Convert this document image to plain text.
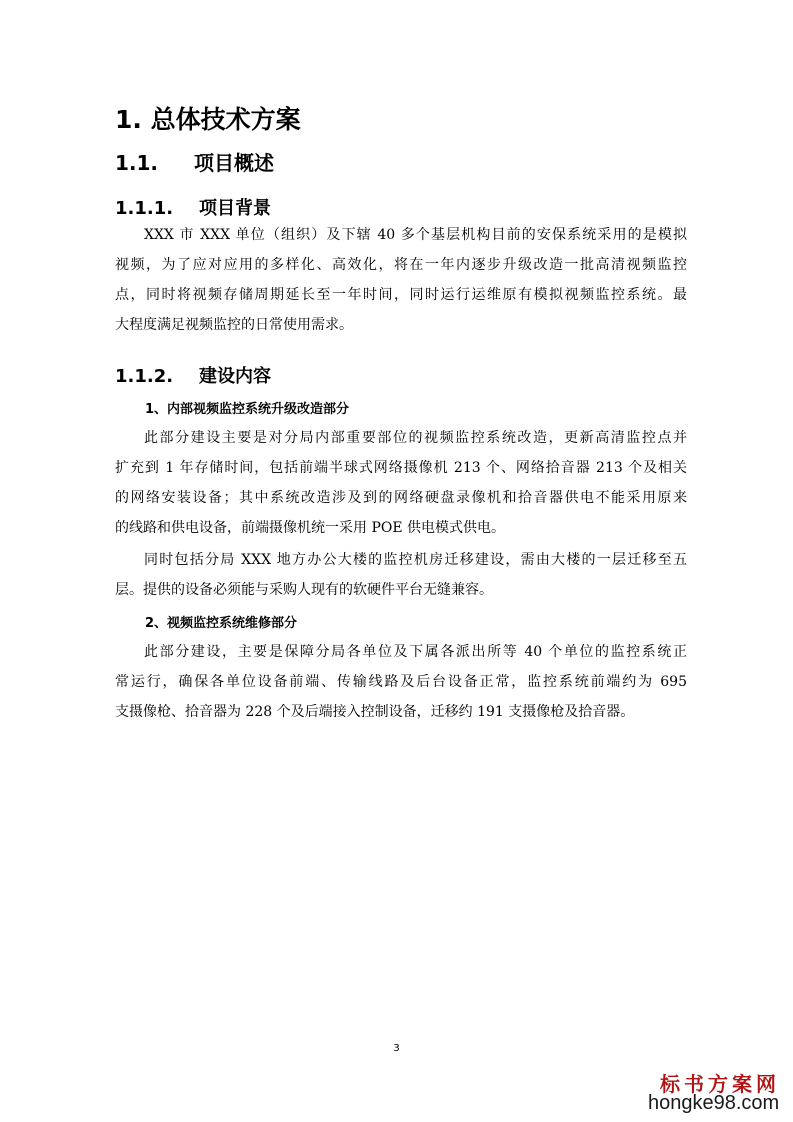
1. 总体技术方案
1.1. 项目概述
1.1.1. 项目背景
XXX 市 XXX 单位（组织）及下辖 40 多个基层机构目前的安保系统采用的是模拟
视频，为了应对应用的多样化、高效化，将在一年内逐步升级改造一批高清视频监控
点，同时将视频存储周期延长至一年时间，同时运行运维原有模拟视频监控系统。最
大程度满足视频监控的日常使用需求。
1.1.2. 建设内容
1、内部视频监控系统升级改造部分
此部分建设主要是对分局内部重要部位的视频监控系统改造，更新高清监控点并
扩充到 1 年存储时间，包括前端半球式网络摄像机 213 个、网络拾音器 213 个及相关
的网络安装设备；其中系统改造涉及到的网络硬盘录像机和拾音器供电不能采用原来
的线路和供电设备，前端摄像机统一采用 POE 供电模式供电。
同时包括分局 XXX 地方办公大楼的监控机房迁移建设，需由大楼的一层迁移至五
层。提供的设备必须能与采购人现有的软硬件平台无缝兼容。
2、视频监控系统维修部分
此部分建设，主要是保障分局各单位及下属各派出所等 40 个单位的监控系统正
常运行，确保各单位设备前端、传输线路及后台设备正常，监控系统前端约为 695
支摄像枪、拾音器为 228 个及后端接入控制设备，迁移约 191 支摄像枪及拾音器。
3
标书方案网
hongke98.com
